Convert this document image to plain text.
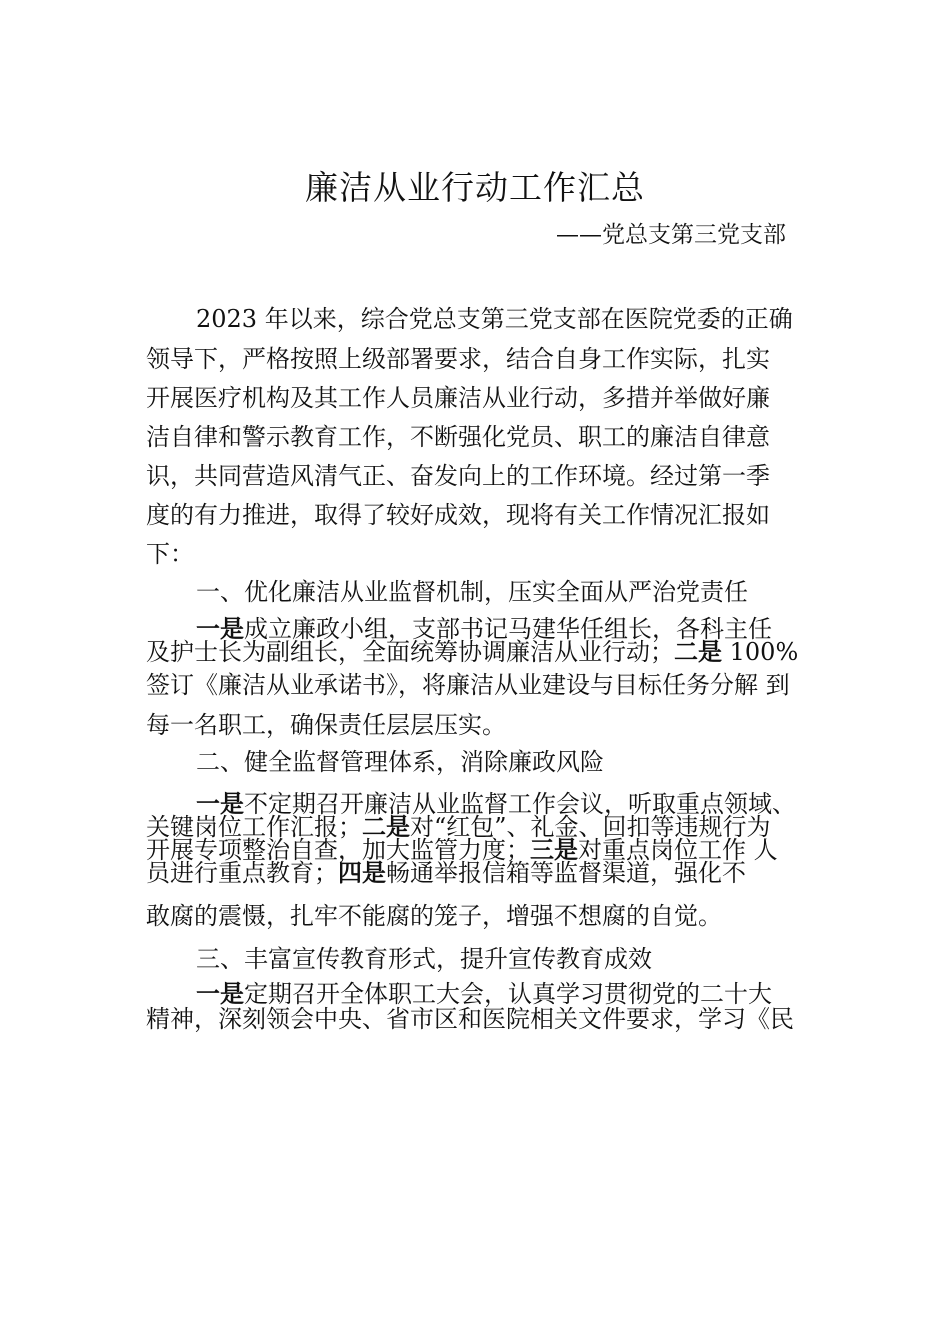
廉洁从业行动工作汇总
——党总支第三党支部
2023 年以来，综合党总支第三党支部在医院党委的正确
领导下，严格按照上级部署要求，结合自身工作实际，扎实
开展医疗机构及其工作人员廉洁从业行动，多措并举做好廉
洁自律和警示教育工作，不断强化党员、职工的廉洁自律意
识，共同营造风清气正、奋发向上的工作环境。经过第一季
度的有力推进，取得了较好成效，现将有关工作情况汇报如
下：
一、优化廉洁从业监督机制，压实全面从严治党责任
一是成立廉政小组，支部书记马建华任组长，各科主任
及护士长为副组长，全面统筹协调廉洁从业行动；二是 100%
签订《廉洁从业承诺书》，将廉洁从业建设与目标任务分解 到
每一名职工，确保责任层层压实。
二、健全监督管理体系，消除廉政风险
一是不定期召开廉洁从业监督工作会议，听取重点领域、
关键岗位工作汇报；二是对“红包”、礼金、回扣等违规行为
开展专项整治自查，加大监管力度；三是对重点岗位工作 人
员进行重点教育；四是畅通举报信箱等监督渠道，强化不
敢腐的震慑，扎牢不能腐的笼子，增强不想腐的自觉。
三、丰富宣传教育形式，提升宣传教育成效
一是定期召开全体职工大会，认真学习贯彻党的二十大
精神，深刻领会中央、省市区和医院相关文件要求，学习《民
